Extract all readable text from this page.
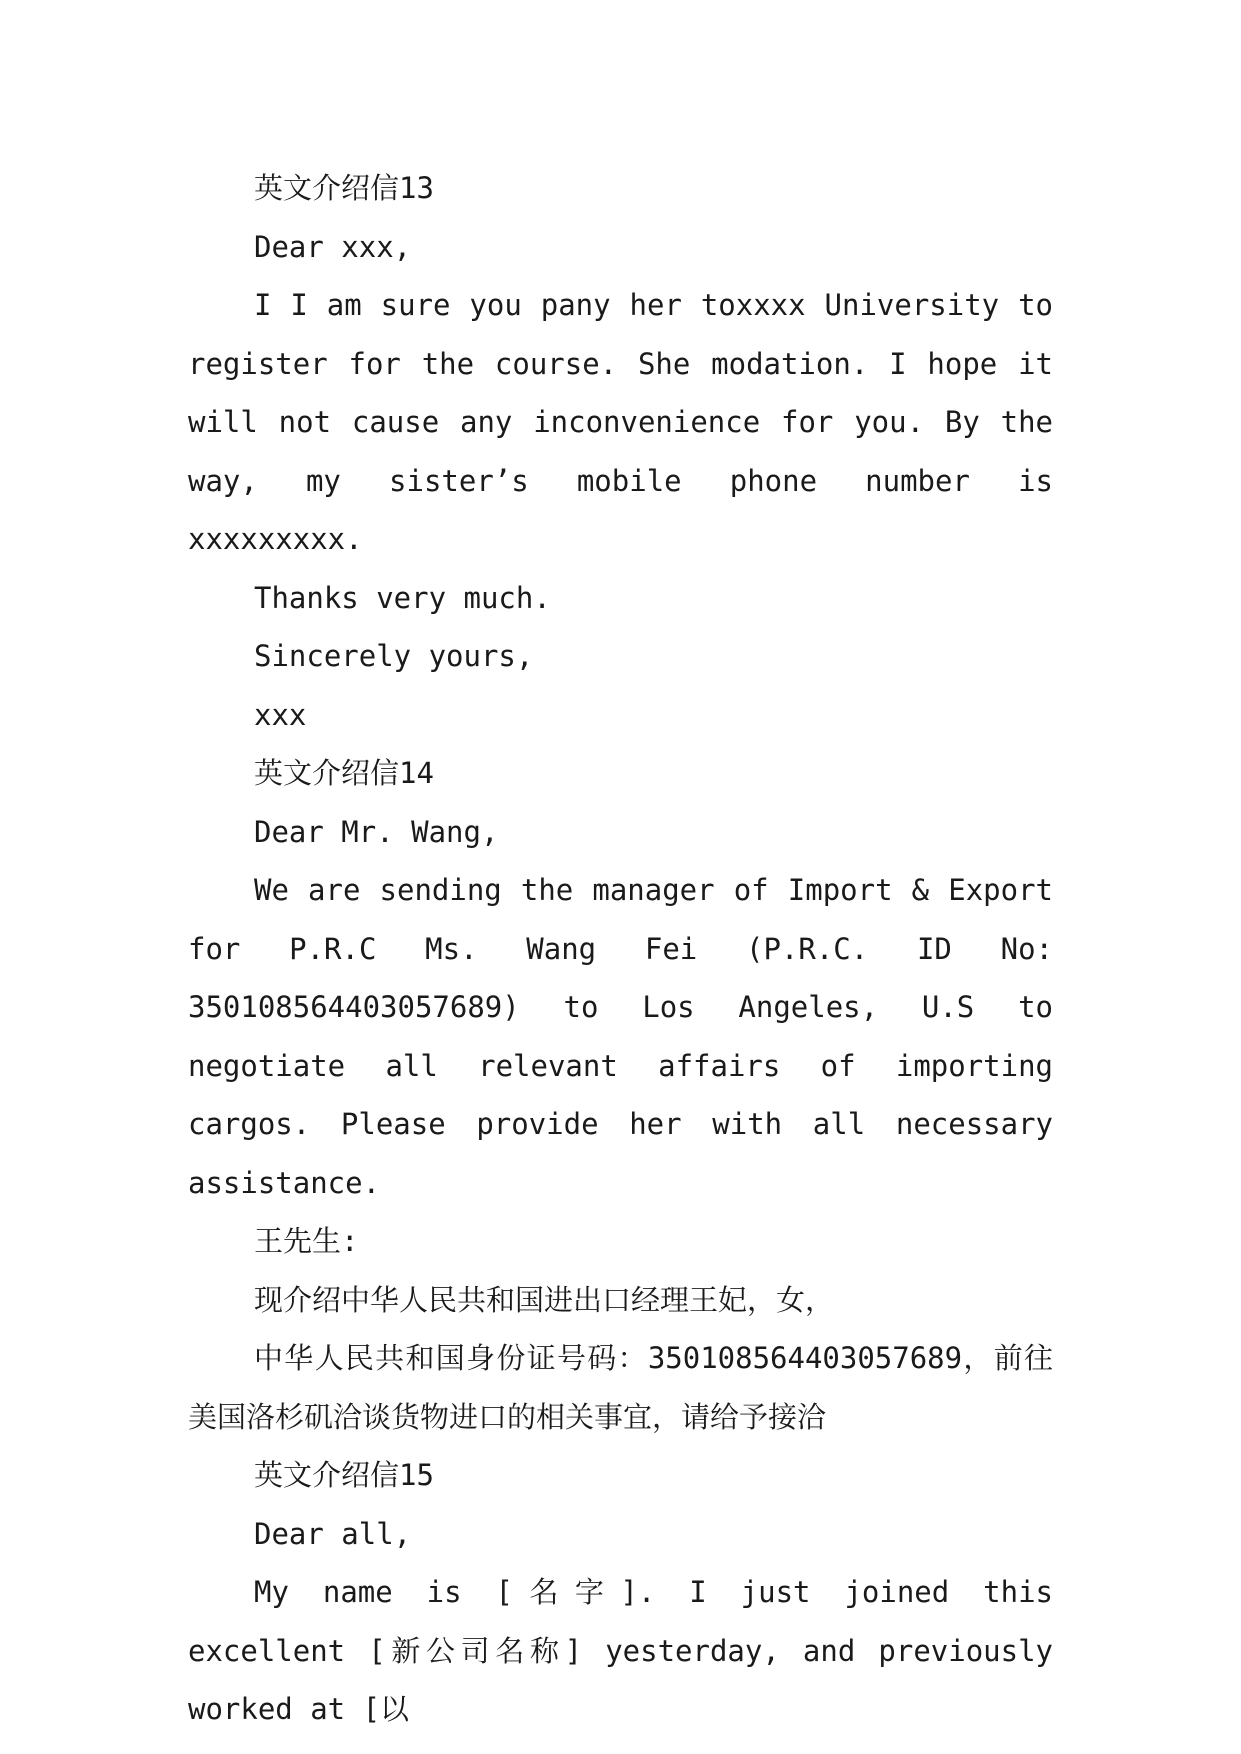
英文介绍信13

Dear xxx,

I I am sure you pany her toxxxx University to register for the course. She modation. I hope it will not cause any inconvenience for you. By the way, my sister’s mobile phone number is xxxxxxxxx.

Thanks very much.

Sincerely yours,

xxx

英文介绍信14

Dear Mr. Wang,

We are sending the manager of Import & Export for P.R.C Ms. Wang Fei (P.R.C. ID No: 350108564403057689) to Los Angeles, U.S to negotiate all relevant affairs of importing cargos. Please provide her with all necessary assistance.

王先生:

现介绍中华人民共和国进出口经理王妃，女，

中华人民共和国身份证号码：350108564403057689，前往美国洛杉矶洽谈货物进口的相关事宜，请给予接洽

英文介绍信15

Dear all,

My name is [名字]. I just joined this excellent [新公司名称] yesterday, and previously worked at [以
